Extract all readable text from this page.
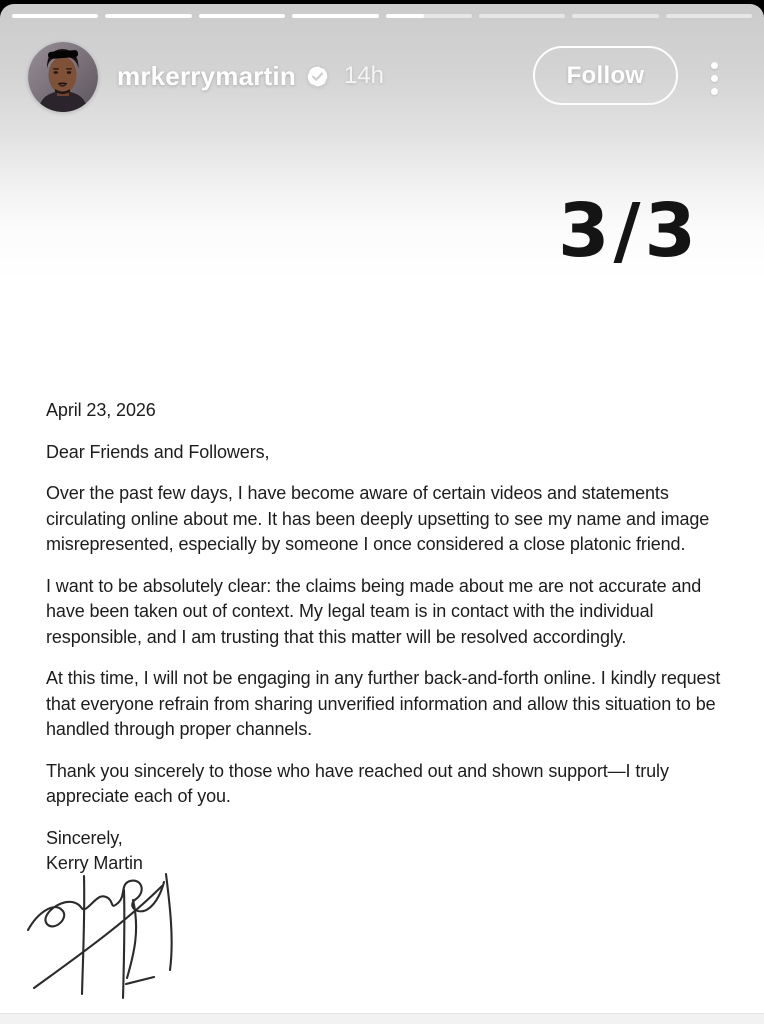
mrkerrymartin 14h	Follow
3/3

April 23, 2026

Dear Friends and Followers,

Over the past few days, I have become aware of certain videos and statements circulating online about me. It has been deeply upsetting to see my name and image misrepresented, especially by someone I once considered a close platonic friend.

I want to be absolutely clear: the claims being made about me are not accurate and have been taken out of context. My legal team is in contact with the individual responsible, and I am trusting that this matter will be resolved accordingly.

At this time, I will not be engaging in any further back-and-forth online. I kindly request that everyone refrain from sharing unverified information and allow this situation to be handled through proper channels.

Thank you sincerely to those who have reached out and shown support—I truly appreciate each of you.

Sincerely,

Kerry Martin
